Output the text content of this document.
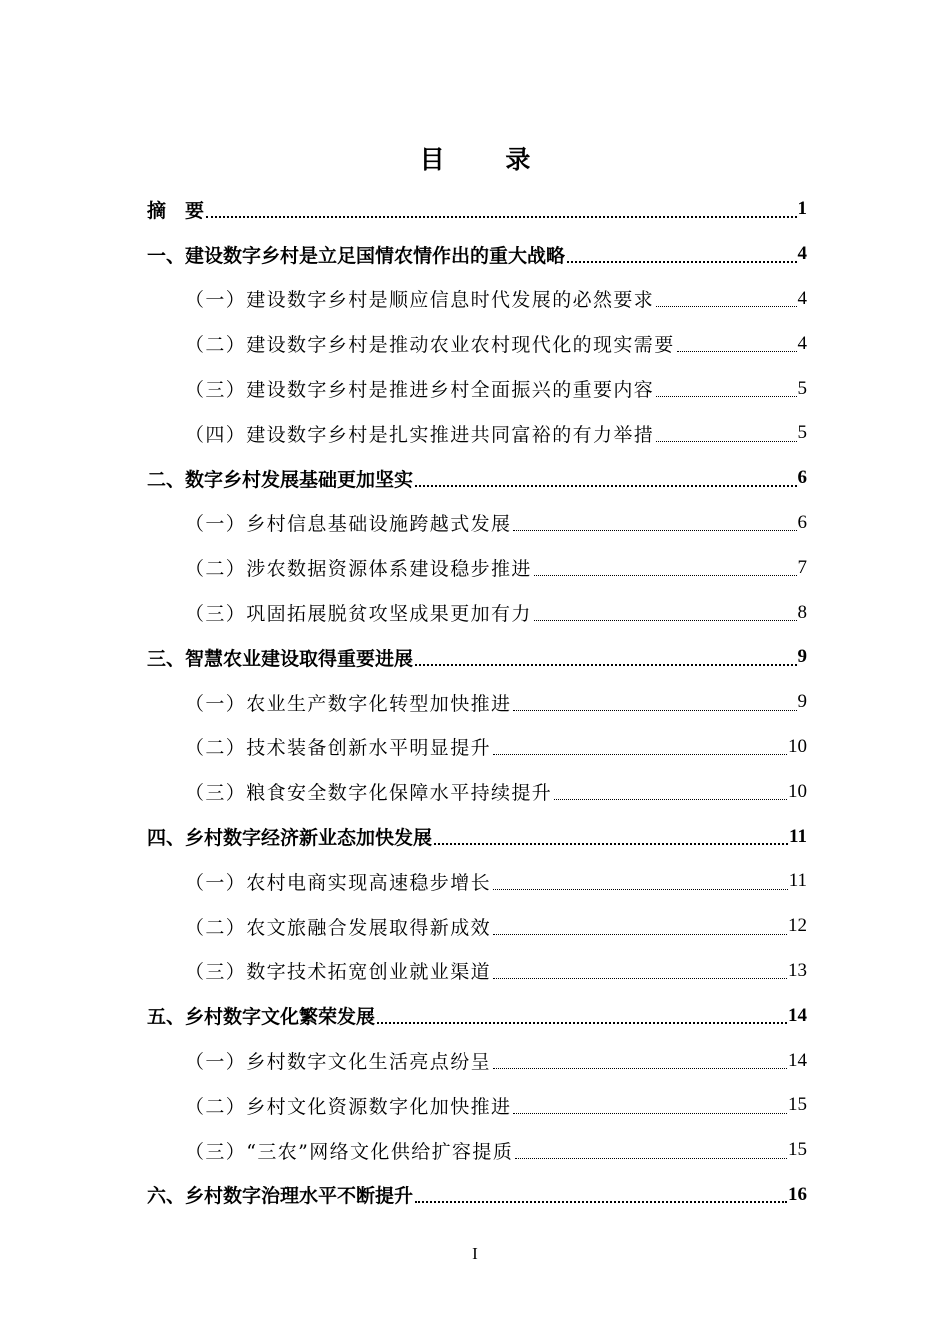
目 录
摘　要	1
一、建设数字乡村是立足国情农情作出的重大战略	4
（一）建设数字乡村是顺应信息时代发展的必然要求	4
（二）建设数字乡村是推动农业农村现代化的现实需要	4
（三）建设数字乡村是推进乡村全面振兴的重要内容	5
（四）建设数字乡村是扎实推进共同富裕的有力举措	5
二、数字乡村发展基础更加坚实	6
（一）乡村信息基础设施跨越式发展	6
（二）涉农数据资源体系建设稳步推进	7
（三）巩固拓展脱贫攻坚成果更加有力	8
三、智慧农业建设取得重要进展	9
（一）农业生产数字化转型加快推进	9
（二）技术装备创新水平明显提升	10
（三）粮食安全数字化保障水平持续提升	10
四、乡村数字经济新业态加快发展	11
（一）农村电商实现高速稳步增长	11
（二）农文旅融合发展取得新成效	12
（三）数字技术拓宽创业就业渠道	13
五、乡村数字文化繁荣发展	14
（一）乡村数字文化生活亮点纷呈	14
（二）乡村文化资源数字化加快推进	15
（三）“三农”网络文化供给扩容提质	15
六、乡村数字治理水平不断提升	16
I
